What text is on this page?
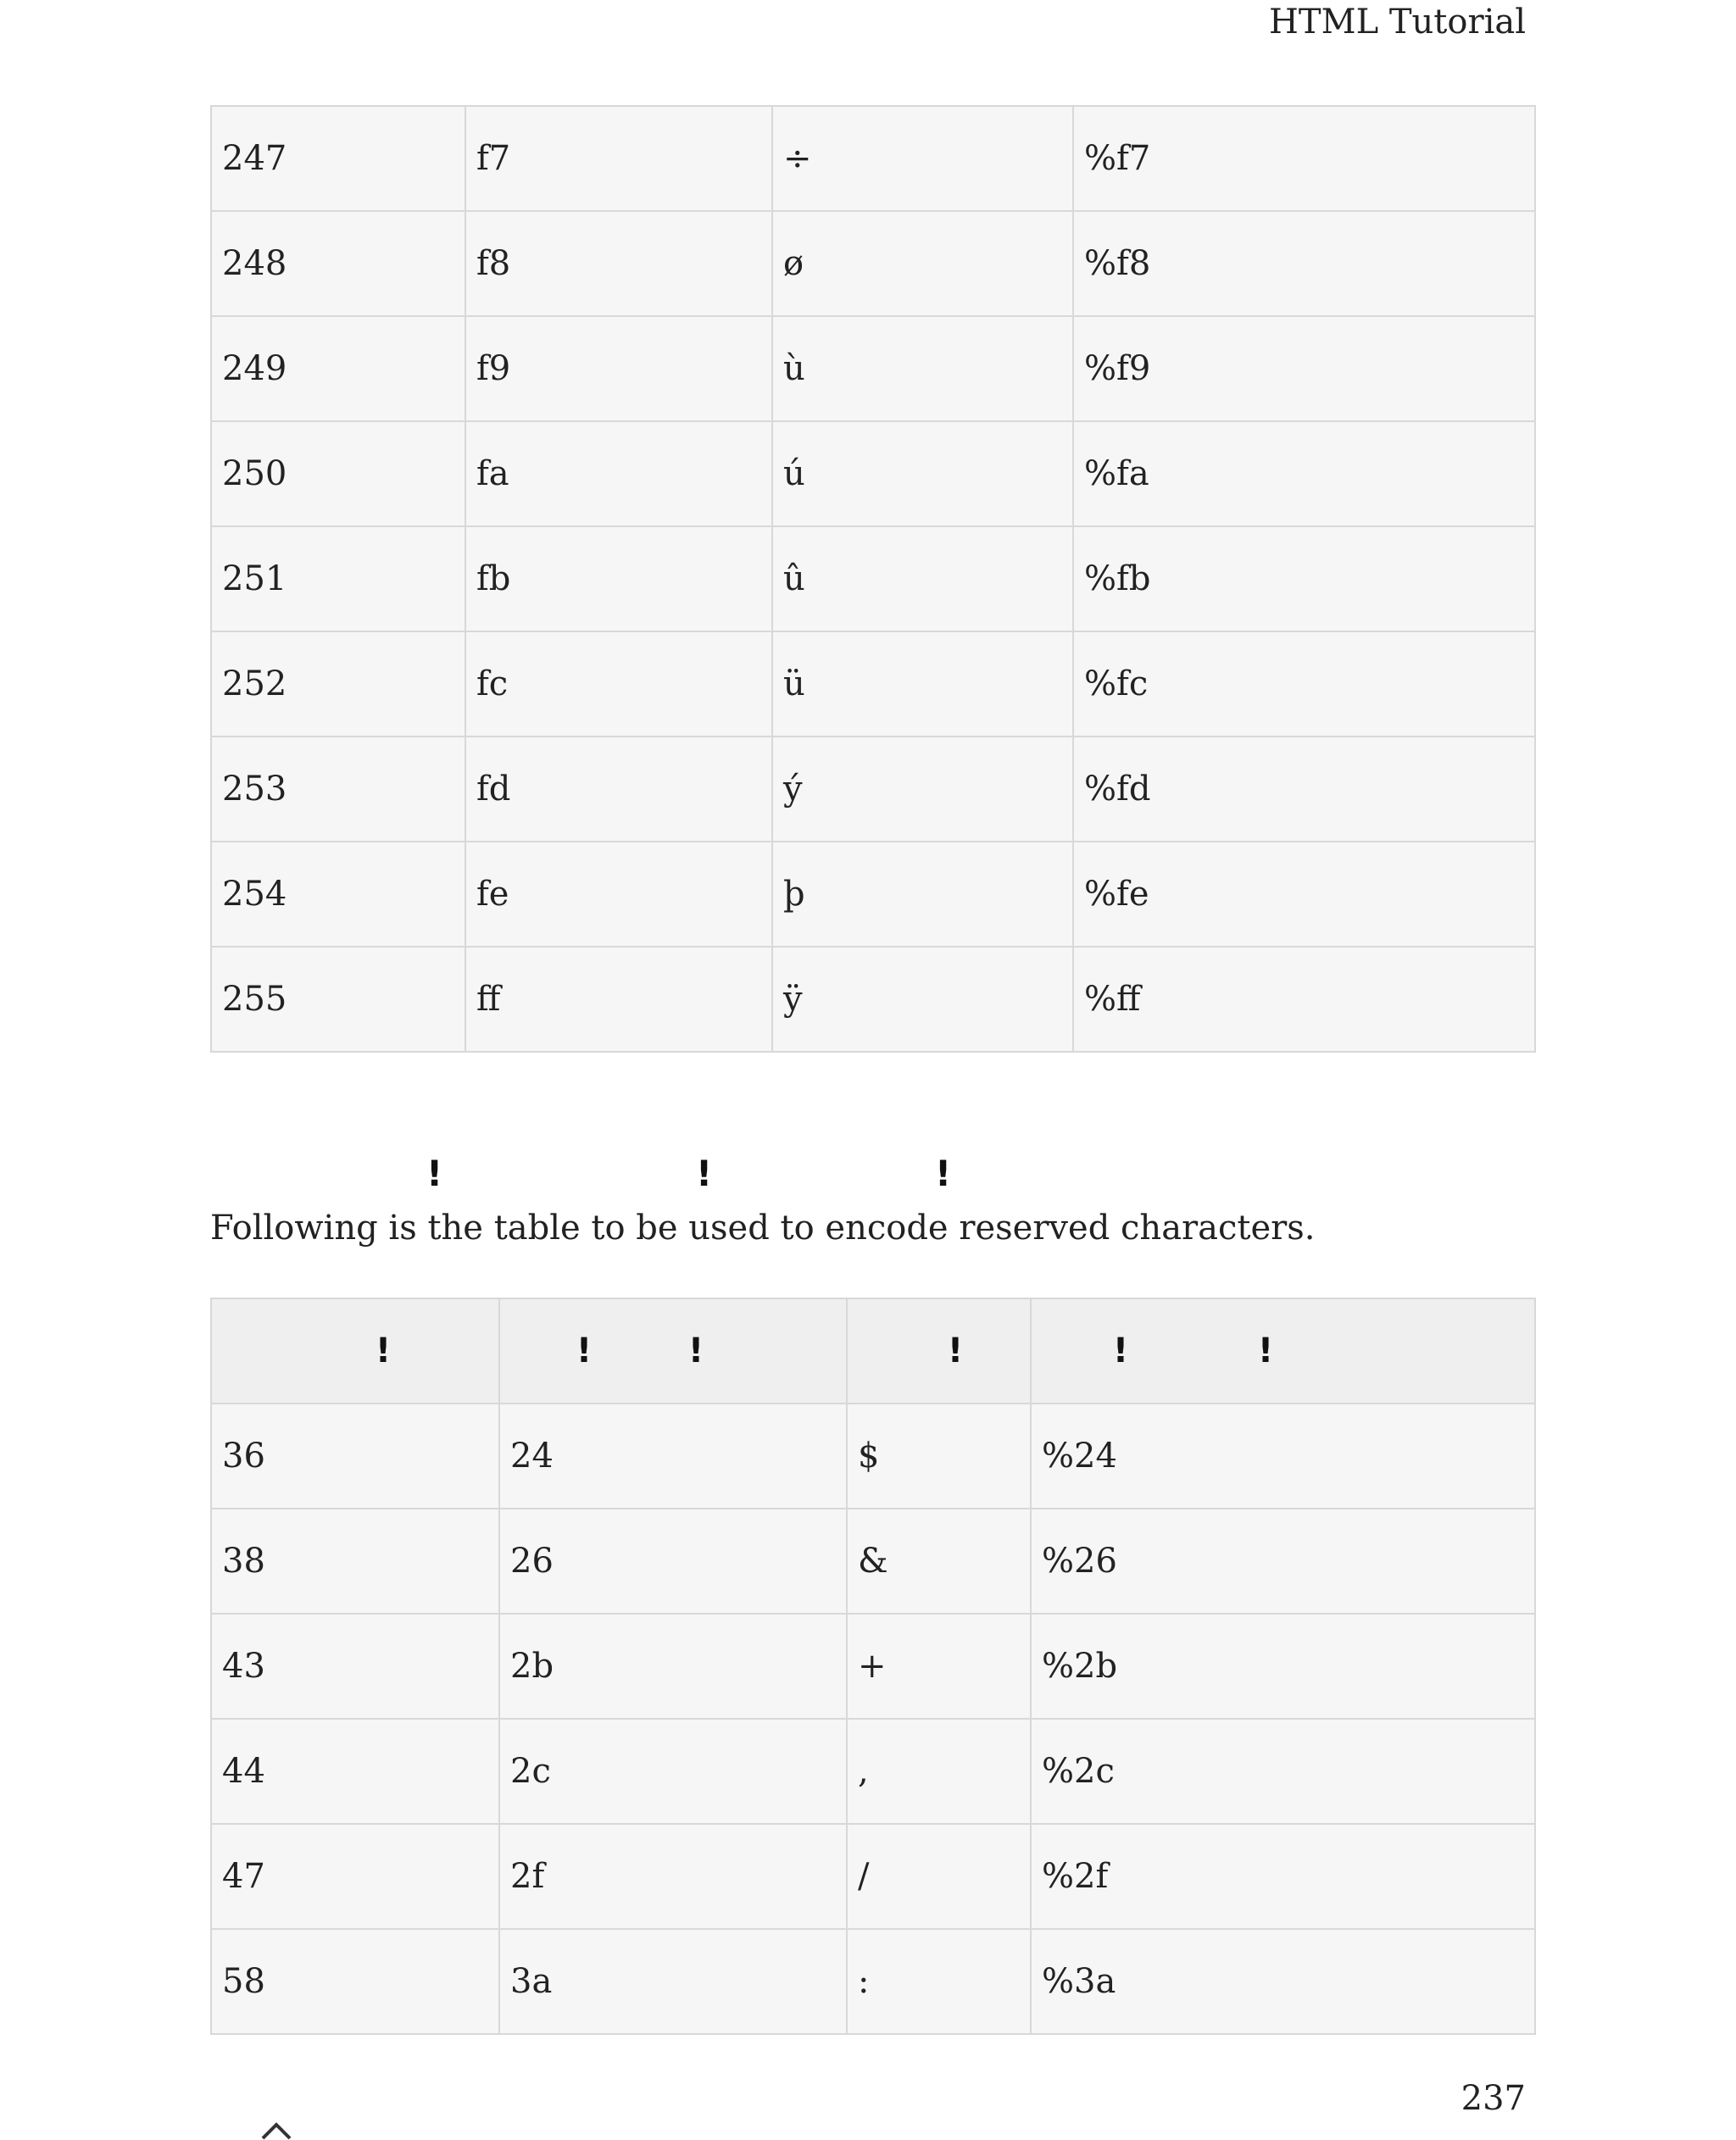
HTML Tutorial
247	f7	÷	%f7
248	f8	ø	%f8
249	f9	ù	%f9
250	fa	ú	%fa
251	fb	û	%fb
252	fc	ü	%fc
253	fd	ý	%fd
254	fe	þ	%fe
255	ff	ÿ	%ff
!	!	!
Following is the table to be used to encode reserved characters.
!	! !	!	! !

36	24	$	%24
38	26	&	%26
43	2b	+	%2b
44	2c	,	%2c
47	2f	/	%2f
58	3a	:	%3a
237
